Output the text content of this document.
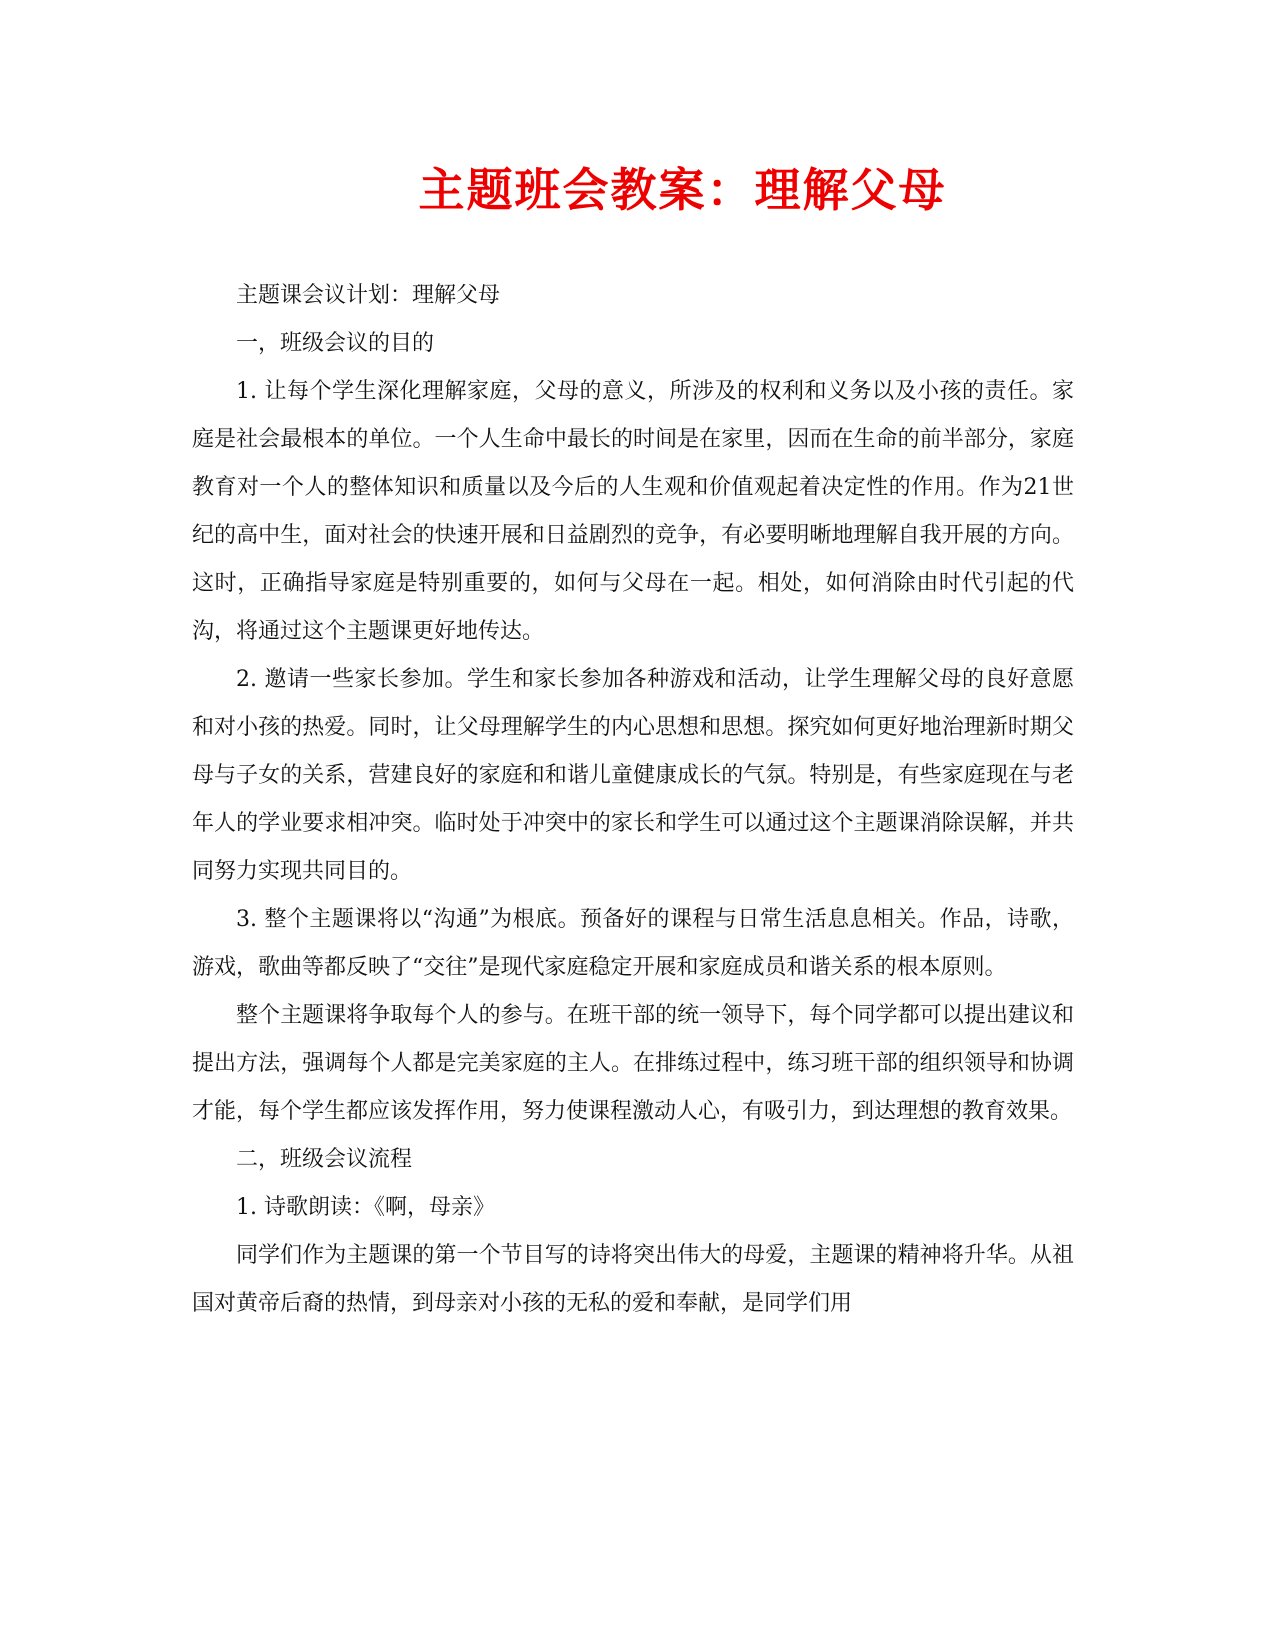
主题班会教案：理解父母

主题课会议计划：理解父母

一，班级会议的目的

1. 让每个学生深化理解家庭，父母的意义，所涉及的权利和义务以及小孩的责任。家庭是社会最根本的单位。一个人生命中最长的时间是在家里，因而在生命的前半部分，家庭教育对一个人的整体知识和质量以及今后的人生观和价值观起着决定性的作用。作为21世纪的高中生，面对社会的快速开展和日益剧烈的竞争，有必要明晰地理解自我开展的方向。这时，正确指导家庭是特别重要的，如何与父母在一起。相处，如何消除由时代引起的代沟，将通过这个主题课更好地传达。

2. 邀请一些家长参加。学生和家长参加各种游戏和活动，让学生理解父母的良好意愿和对小孩的热爱。同时，让父母理解学生的内心思想和思想。探究如何更好地治理新时期父母与子女的关系，营建良好的家庭和和谐儿童健康成长的气氛。特别是，有些家庭现在与老年人的学业要求相冲突。临时处于冲突中的家长和学生可以通过这个主题课消除误解，并共同努力实现共同目的。

3. 整个主题课将以“沟通”为根底。预备好的课程与日常生活息息相关。作品，诗歌，游戏，歌曲等都反映了“交往”是现代家庭稳定开展和家庭成员和谐关系的根本原则。

整个主题课将争取每个人的参与。在班干部的统一领导下，每个同学都可以提出建议和提出方法，强调每个人都是完美家庭的主人。在排练过程中，练习班干部的组织领导和协调才能，每个学生都应该发挥作用，努力使课程激动人心，有吸引力，到达理想的教育效果。

二，班级会议流程

1. 诗歌朗读：《啊，母亲》

同学们作为主题课的第一个节目写的诗将突出伟大的母爱，主题课的精神将升华。从祖国对黄帝后裔的热情，到母亲对小孩的无私的爱和奉献，是同学们用
